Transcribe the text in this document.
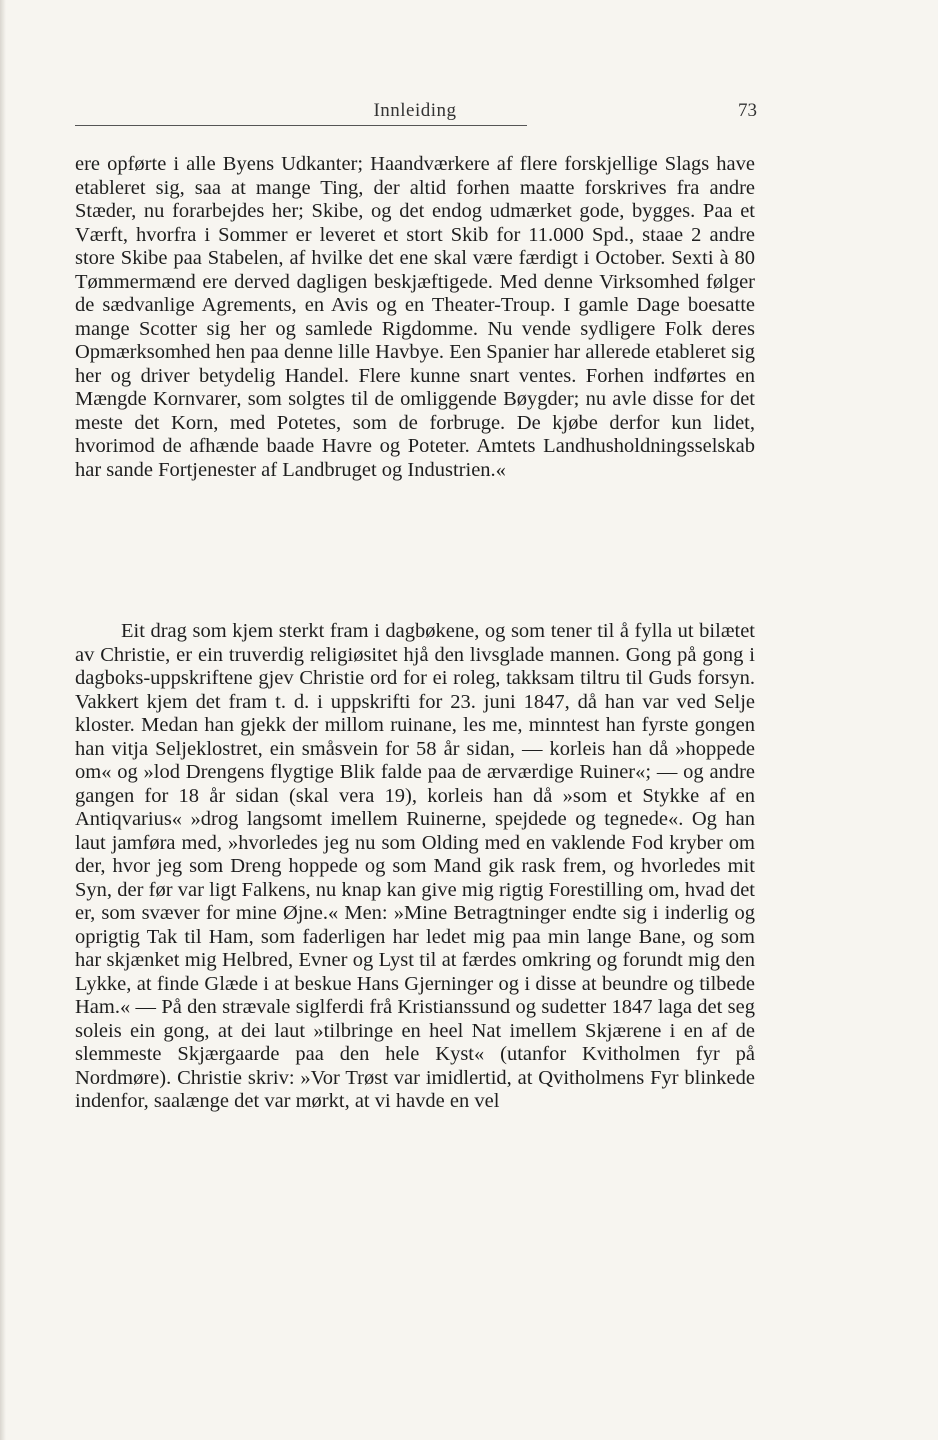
Innleiding	73

ere opførte i alle Byens Udkanter; Haandværkere af flere forskjellige Slags have etableret sig, saa at mange Ting, der altid forhen maatte forskrives fra andre Stæder, nu forarbejdes her; Skibe, og det endog udmærket gode, bygges. Paa et Værft, hvorfra i Sommer er leveret et stort Skib for 11.000 Spd., staae 2 andre store Skibe paa Stabelen, af hvilke det ene skal være færdigt i October. Sexti à 80 Tømmermænd ere derved dagligen beskjæftigede. Med denne Virksomhed følger de sædvanlige Agrements, en Avis og en Theater-Troup. I gamle Dage boesatte mange Scotter sig her og samlede Rigdomme. Nu vende sydligere Folk deres Opmærksomhed hen paa denne lille Havbye. Een Spanier har allerede etableret sig her og driver betydelig Handel. Flere kunne snart ventes. Forhen indførtes en Mængde Kornvarer, som solgtes til de omliggende Bøygder; nu avle disse for det meste det Korn, med Potetes, som de forbruge. De kjøbe derfor kun lidet, hvorimod de afhænde baade Havre og Poteter. Amtets Landhusholdningsselskab har sande Fortjenester af Landbruget og Industrien.«

Eit drag som kjem sterkt fram i dagbøkene, og som tener til å fylla ut bilætet av Christie, er ein truverdig religiøsitet hjå den livsglade mannen. Gong på gong i dagboks-uppskriftene gjev Christie ord for ei roleg, takksam tiltru til Guds forsyn. Vakkert kjem det fram t. d. i uppskrifti for 23. juni 1847, då han var ved Selje kloster. Medan han gjekk der millom ruinane, les me, minntest han fyrste gongen han vitja Seljeklostret, ein småsvein for 58 år sidan, — korleis han då »hoppede om« og »lod Drengens flygtige Blik falde paa de ærværdige Ruiner«; — og andre gangen for 18 år sidan (skal vera 19), korleis han då »som et Stykke af en Antiqvarius« »drog langsomt imellem Ruinerne, spejdede og tegnede«. Og han laut jamføra med, »hvorledes jeg nu som Olding med en vaklende Fod kryber om der, hvor jeg som Dreng hoppede og som Mand gik rask frem, og hvorledes mit Syn, der før var ligt Falkens, nu knap kan give mig rigtig Forestilling om, hvad det er, som svæver for mine Øjne.« Men: »Mine Betragtninger endte sig i inderlig og oprigtig Tak til Ham, som faderligen har ledet mig paa min lange Bane, og som har skjænket mig Helbred, Evner og Lyst til at færdes omkring og forundt mig den Lykke, at finde Glæde i at beskue Hans Gjerninger og i disse at beundre og tilbede Ham.« — På den strævale siglferdi frå Kristianssund og sudetter 1847 laga det seg soleis ein gong, at dei laut »tilbringe en heel Nat imellem Skjærene i en af de slemmeste Skjærgaarde paa den hele Kyst« (utanfor Kvitholmen fyr på Nordmøre). Christie skriv: »Vor Trøst var imidlertid, at Qvitholmens Fyr blinkede indenfor, saalænge det var mørkt, at vi havde en vel
